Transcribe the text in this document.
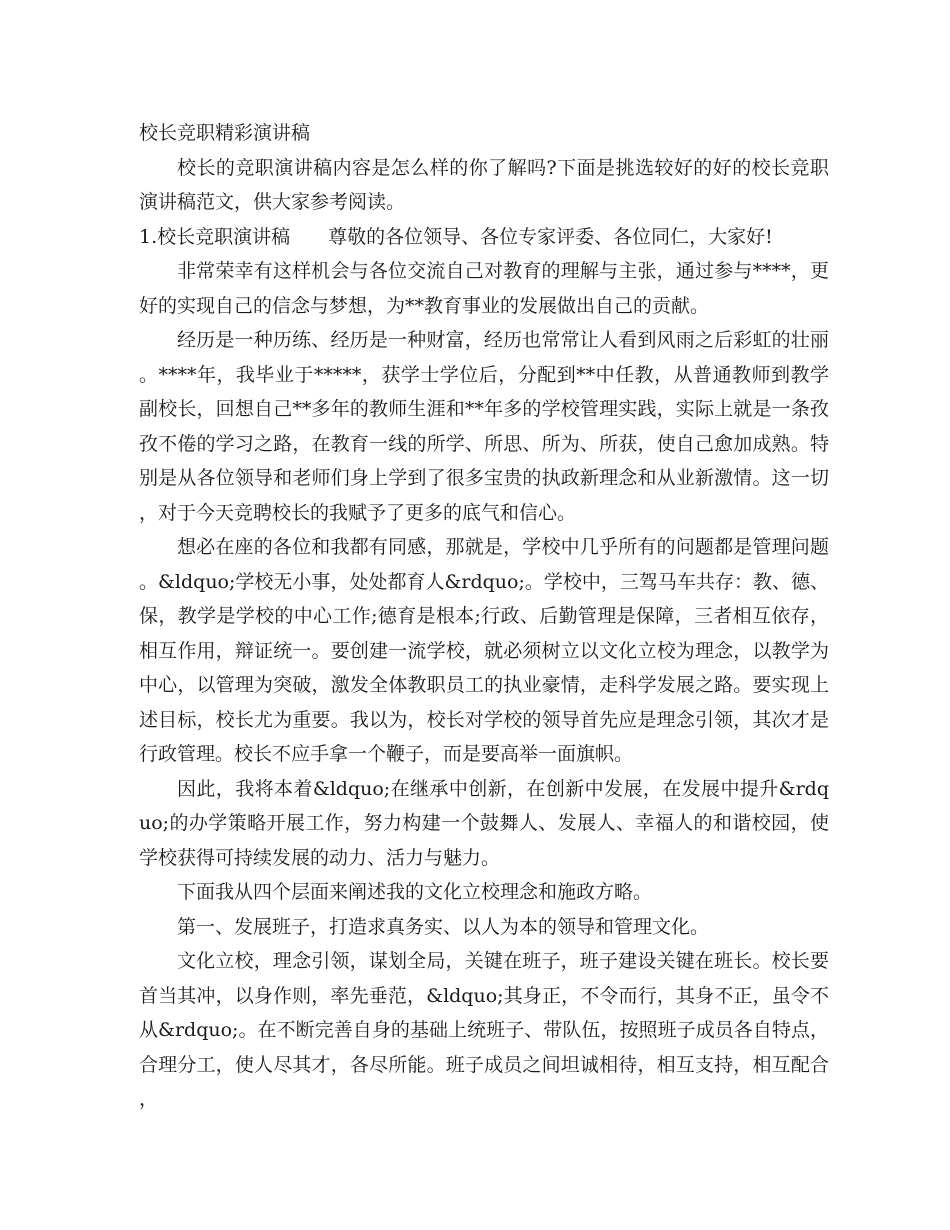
校长竞职精彩演讲稿

校长的竞职演讲稿内容是怎么样的你了解吗?下面是挑选较好的好的校长竞职演讲稿范文，供大家参考阅读。

1.校长竞职演讲稿　　尊敬的各位领导、各位专家评委、各位同仁，大家好!

非常荣幸有这样机会与各位交流自己对教育的理解与主张，通过参与****，更好的实现自己的信念与梦想，为**教育事业的发展做出自己的贡献。

经历是一种历练、经历是一种财富，经历也常常让人看到风雨之后彩虹的壮丽。****年，我毕业于*****，获学士学位后，分配到**中任教，从普通教师到教学副校长，回想自己**多年的教师生涯和**年多的学校管理实践，实际上就是一条孜孜不倦的学习之路，在教育一线的所学、所思、所为、所获，使自己愈加成熟。特别是从各位领导和老师们身上学到了很多宝贵的执政新理念和从业新激情。这一切，对于今天竞聘校长的我赋予了更多的底气和信心。

想必在座的各位和我都有同感，那就是，学校中几乎所有的问题都是管理问题。&ldquo;学校无小事，处处都育人&rdquo;。学校中，三驾马车共存：教、德、保，教学是学校的中心工作;德育是根本;行政、后勤管理是保障，三者相互依存，相互作用，辩证统一。要创建一流学校，就必须树立以文化立校为理念，以教学为中心，以管理为突破，激发全体教职员工的执业豪情，走科学发展之路。要实现上述目标，校长尤为重要。我以为，校长对学校的领导首先应是理念引领，其次才是行政管理。校长不应手拿一个鞭子，而是要高举一面旗帜。

因此，我将本着&ldquo;在继承中创新，在创新中发展，在发展中提升&rdquo;的办学策略开展工作，努力构建一个鼓舞人、发展人、幸福人的和谐校园，使学校获得可持续发展的动力、活力与魅力。

下面我从四个层面来阐述我的文化立校理念和施政方略。

第一、发展班子，打造求真务实、以人为本的领导和管理文化。

文化立校，理念引领，谋划全局，关键在班子，班子建设关键在班长。校长要首当其冲，以身作则，率先垂范，&ldquo;其身正，不令而行，其身不正，虽令不从&rdquo;。在不断完善自身的基础上统班子、带队伍，按照班子成员各自特点，合理分工，使人尽其才，各尽所能。班子成员之间坦诚相待，相互支持，相互配合，
